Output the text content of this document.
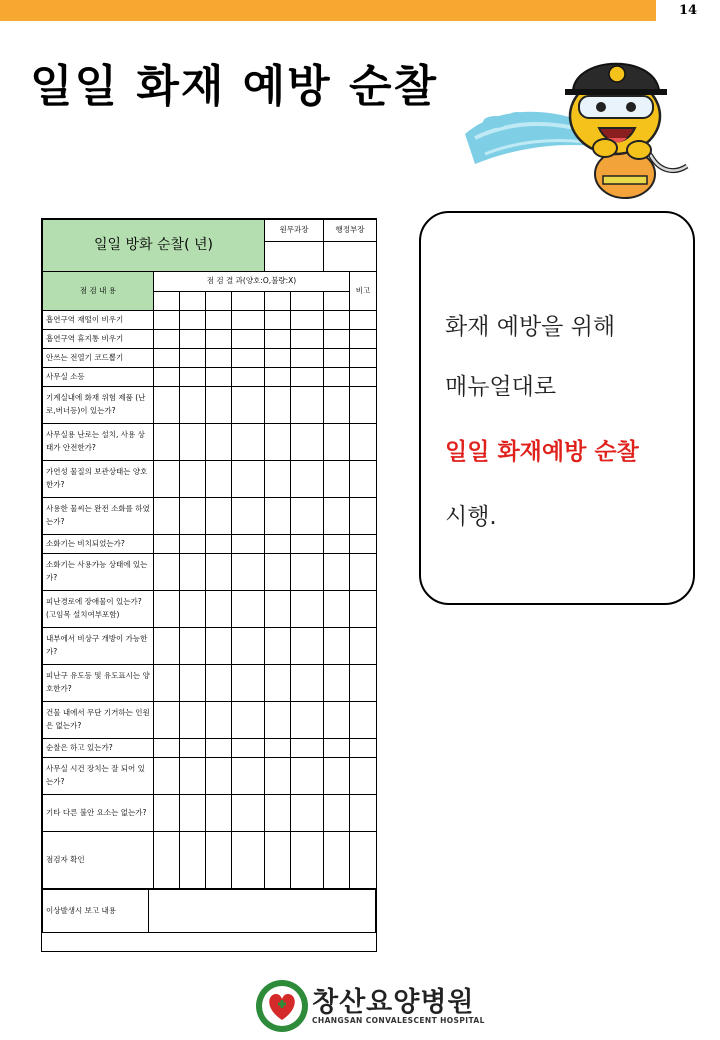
14
일일 화재 예방 순찰
일일 방화 순찰( 년)					원무과장		행정부장	

점 검 내 용	점 검 결 과(양호:O,불량:X)							비고

흡연구역 재떨이 비우기								
흡연구역 휴지통 비우기								
안쓰는 전열기 코드뽑기								
사무실 소등								
기계실내에 화재 위험 제품 (난로,버너등)이 있는가?								
사무실용 난로는 설치, 사용 상태가 안전한가?								
가연성 물질의 보관상태는 양호한가?								
사용한 물씨는 완전 소화를 하였는가?								
소화기는 비치되었는가?								
소화기는 사용가능 상태에 있는가?								
피난경로에 장애물이 있는가?(고임목 설치여부포함)								
내부에서 비상구 개방이 가능한가?								
피난구 유도등 및 유도표시는 양호한가?								
건물 내에서 무단 기거하는 인원은 없는가?								
순찰은 하고 있는가?								
사무실 시건 장치는 잘 되어 있는가?								
기타 다른 불안 요소는 없는가?								
점검자 확인								
이상발생시 보고 내용	
화재 예방을 위해
매뉴얼대로
일일 화재예방 순찰
시행.
창산요양병원
CHANGSAN CONVALESCENT HOSPITAL
